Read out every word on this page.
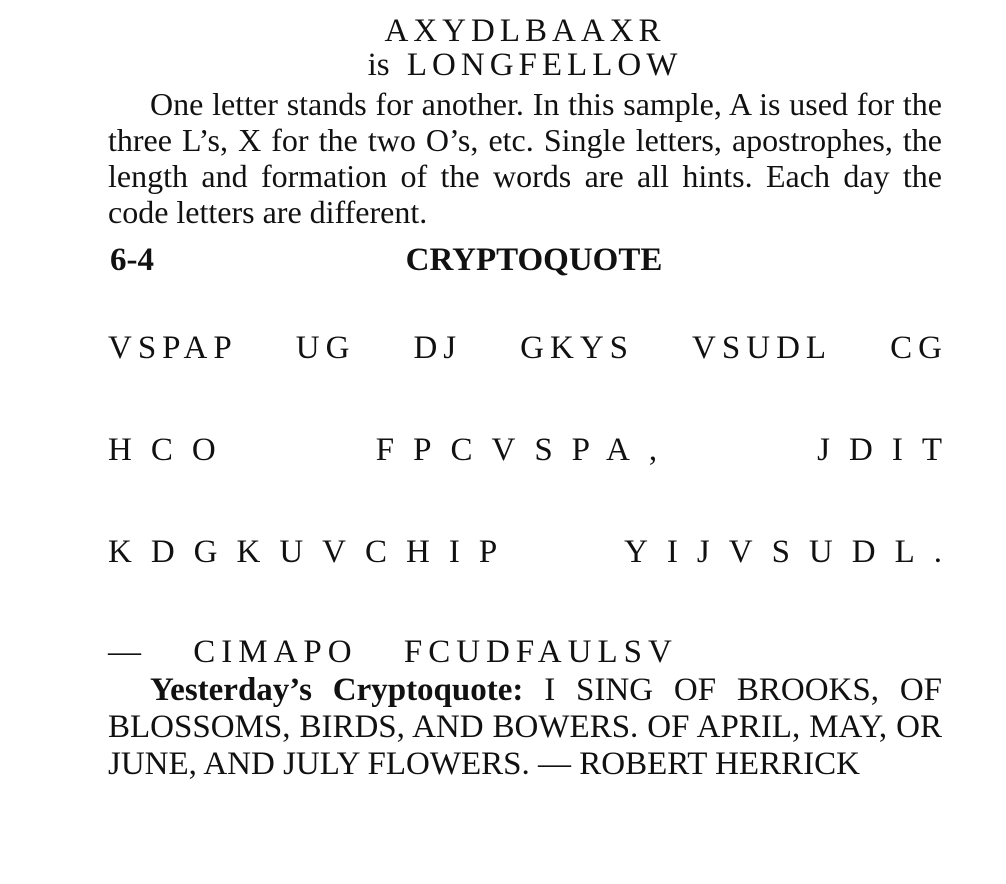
AXYDLBAAXR
is LONGFELLOW
One letter stands for another. In this sample, A is used for the three L’s, X for the two O’s, etc. Single letters, apostrophes, the length and formation of the words are all hints. Each day the code letters are different.
6-4	CRYPTOQUOTE
VSPAP UG DJ GKYS VSUDL CG
HCO	FPCVSPA,	JDIT
KDGKUVCHIP	YIJVSUDL.
— CIMAPO FCUDFAULSV
Yesterday’s Cryptoquote: I SING OF BROOKS, OF BLOSSOMS, BIRDS, AND BOWERS. OF APRIL, MAY, OR JUNE, AND JULY FLOWERS. — ROBERT HERRICK
